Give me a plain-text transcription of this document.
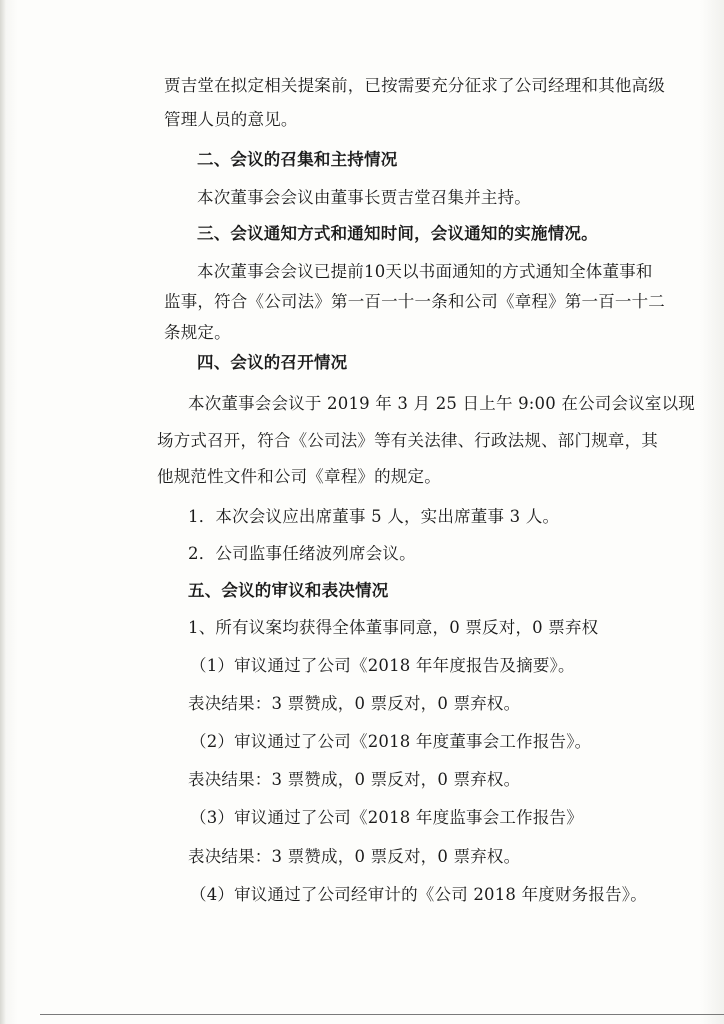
贾吉堂在拟定相关提案前，已按需要充分征求了公司经理和其他高级
管理人员的意见。
二、会议的召集和主持情况
本次董事会会议由董事长贾吉堂召集并主持。
三、会议通知方式和通知时间，会议通知的实施情况。
本次董事会会议已提前10天以书面通知的方式通知全体董事和
监事，符合《公司法》第一百一十一条和公司《章程》第一百一十二
条规定。
四、会议的召开情况
本次董事会会议于 2019 年 3 月 25 日上午 9:00 在公司会议室以现
场方式召开，符合《公司法》等有关法律、行政法规、部门规章，其
他规范性文件和公司《章程》的规定。
1．本次会议应出席董事 5 人，实出席董事 3 人。
2．公司监事任绪波列席会议。
五、会议的审议和表决情况
1、所有议案均获得全体董事同意，0 票反对，0 票弃权
（1）审议通过了公司《2018 年年度报告及摘要》。
表决结果：3 票赞成，0 票反对，0 票弃权。
（2）审议通过了公司《2018 年度董事会工作报告》。
表决结果：3 票赞成，0 票反对，0 票弃权。
（3）审议通过了公司《2018 年度监事会工作报告》
表决结果：3 票赞成，0 票反对，0 票弃权。
（4）审议通过了公司经审计的《公司 2018 年度财务报告》。
